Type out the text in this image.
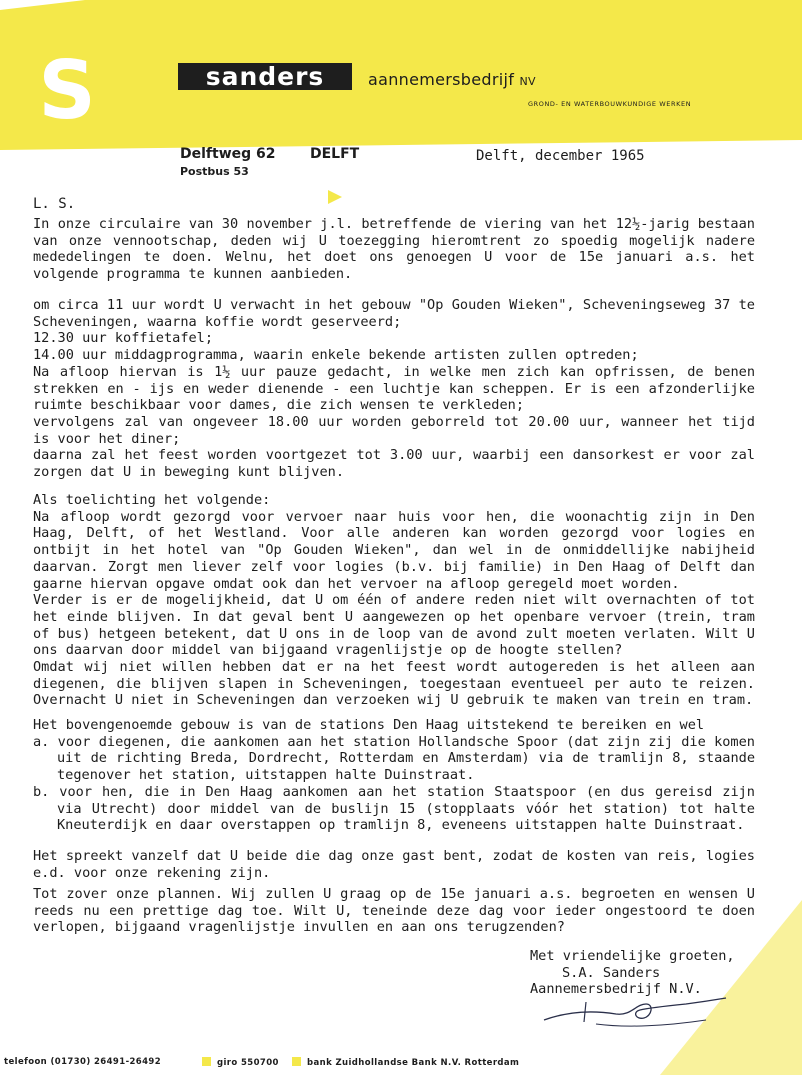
S	sanders	aannemersbedrijf NV
GROND- EN WATERBOUWKUNDIGE WERKEN
Delftweg 62 DELFT
Postbus 53
Delft, december 1965
L. S.
In onze circulaire van 30 november j.l. betreffende de viering van het 12½-jarig bestaan van onze vennootschap, deden wij U toezegging hieromtrent zo spoedig mogelijk nadere mededelingen te doen. Welnu, het doet ons genoegen U voor de 15e januari a.s. het volgende programma te kunnen aanbieden.
om circa 11 uur wordt U verwacht in het gebouw "Op Gouden Wieken", Scheveningseweg 37 te Scheveningen, waarna koffie wordt geserveerd;
12.30 uur koffietafel;
14.00 uur middagprogramma, waarin enkele bekende artisten zullen optreden;
Na afloop hiervan is 1½ uur pauze gedacht, in welke men zich kan opfrissen, de benen strekken en - ijs en weder dienende - een luchtje kan scheppen. Er is een afzonderlijke ruimte beschikbaar voor dames, die zich wensen te verkleden;
vervolgens zal van ongeveer 18.00 uur worden geborreld tot 20.00 uur, wanneer het tijd is voor het diner;
daarna zal het feest worden voortgezet tot 3.00 uur, waarbij een dansorkest er voor zal zorgen dat U in beweging kunt blijven.
Als toelichting het volgende:
Na afloop wordt gezorgd voor vervoer naar huis voor hen, die woonachtig zijn in Den Haag, Delft, of het Westland. Voor alle anderen kan worden gezorgd voor logies en ontbijt in het hotel van "Op Gouden Wieken", dan wel in de onmiddellijke nabijheid daarvan. Zorgt men liever zelf voor logies (b.v. bij familie) in Den Haag of Delft dan gaarne hiervan opgave omdat ook dan het vervoer na afloop geregeld moet worden.
Verder is er de mogelijkheid, dat U om één of andere reden niet wilt overnachten of tot het einde blijven. In dat geval bent U aangewezen op het openbare vervoer (trein, tram of bus) hetgeen betekent, dat U ons in de loop van de avond zult moeten verlaten. Wilt U ons daarvan door middel van bijgaand vragenlijstje op de hoogte stellen?
Omdat wij niet willen hebben dat er na het feest wordt autogereden is het alleen aan diegenen, die blijven slapen in Scheveningen, toegestaan eventueel per auto te reizen. Overnacht U niet in Scheveningen dan verzoeken wij U gebruik te maken van trein en tram.
Het bovengenoemde gebouw is van de stations Den Haag uitstekend te bereiken en wel
a. voor diegenen, die aankomen aan het station Hollandsche Spoor (dat zijn zij die komen uit de richting Breda, Dordrecht, Rotterdam en Amsterdam) via de tramlijn 8, staande tegenover het station, uitstappen halte Duinstraat.
b. voor hen, die in Den Haag aankomen aan het station Staatspoor (en dus gereisd zijn via Utrecht) door middel van de buslijn 15 (stopplaats vóór het station) tot halte Kneuterdijk en daar overstappen op tramlijn 8, eveneens uitstappen halte Duinstraat.
Het spreekt vanzelf dat U beide die dag onze gast bent, zodat de kosten van reis, logies e.d. voor onze rekening zijn.
Tot zover onze plannen. Wij zullen U graag op de 15e januari a.s. begroeten en wensen U reeds nu een prettige dag toe. Wilt U, teneinde deze dag voor ieder ongestoord te doen verlopen, bijgaand vragenlijstje invullen en aan ons terugzenden?
Met vriendelijke groeten,
S.A. Sanders
Aannemersbedrijf N.V.
telefoon (01730) 26491-26492	giro 550700	bank Zuidhollandse Bank N.V. Rotterdam
